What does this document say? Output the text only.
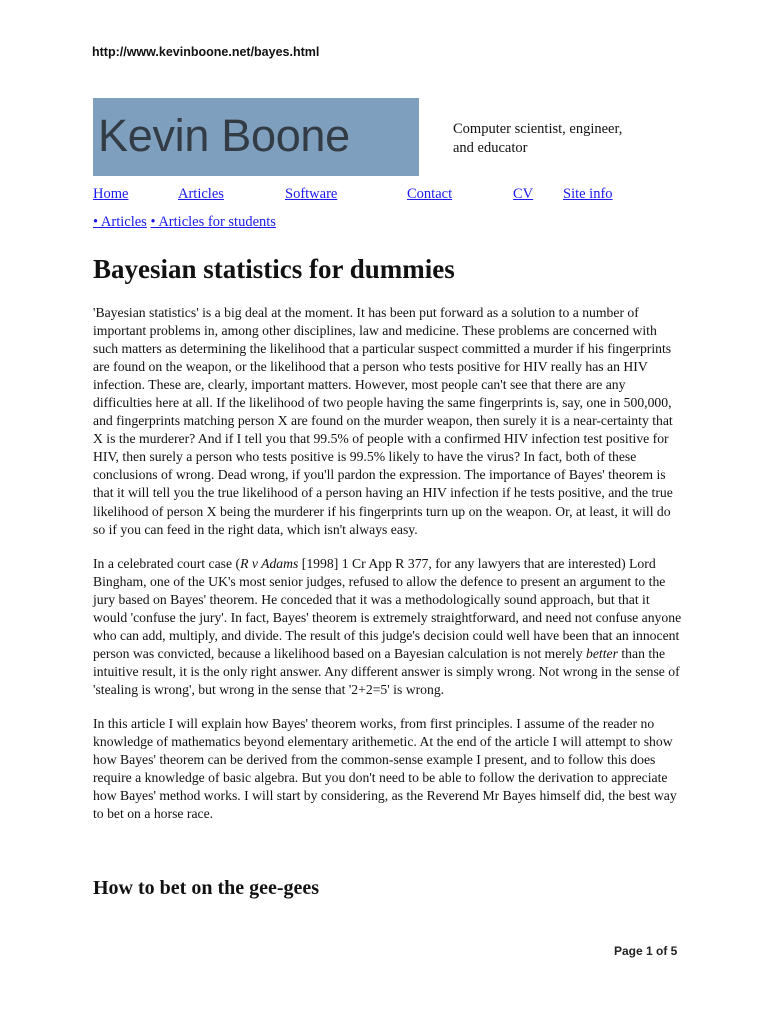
http://www.kevinboone.net/bayes.html
Kevin Boone	Computer scientist, engineer, and educator
Home	Articles	Software	Contact	CV Site info
• Articles • Articles for students
Bayesian statistics for dummies

'Bayesian statistics' is a big deal at the moment. It has been put forward as a solution to a number of important problems in, among other disciplines, law and medicine. These problems are concerned with such matters as determining the likelihood that a particular suspect committed a murder if his fingerprints are found on the weapon, or the likelihood that a person who tests positive for HIV really has an HIV infection. These are, clearly, important matters. However, most people can't see that there are any difficulties here at all. If the likelihood of two people having the same fingerprints is, say, one in 500,000, and fingerprints matching person X are found on the murder weapon, then surely it is a near-certainty that X is the murderer? And if I tell you that 99.5% of people with a confirmed HIV infection test positive for HIV, then surely a person who tests positive is 99.5% likely to have the virus? In fact, both of these conclusions of wrong. Dead wrong, if you'll pardon the expression. The importance of Bayes' theorem is that it will tell you the true likelihood of a person having an HIV infection if he tests positive, and the true likelihood of person X being the murderer if his fingerprints turn up on the weapon. Or, at least, it will do so if you can feed in the right data, which isn't always easy.

In a celebrated court case (R v Adams [1998] 1 Cr App R 377, for any lawyers that are interested) Lord Bingham, one of the UK's most senior judges, refused to allow the defence to present an argument to the jury based on Bayes' theorem. He conceded that it was a methodologically sound approach, but that it would 'confuse the jury'. In fact, Bayes' theorem is extremely straightforward, and need not confuse anyone who can add, multiply, and divide. The result of this judge's decision could well have been that an innocent person was convicted, because a likelihood based on a Bayesian calculation is not merely better than the intuitive result, it is the only right answer. Any different answer is simply wrong. Not wrong in the sense of 'stealing is wrong', but wrong in the sense that '2+2=5' is wrong.

In this article I will explain how Bayes' theorem works, from first principles. I assume of the reader no knowledge of mathematics beyond elementary arithemetic. At the end of the article I will attempt to show how Bayes' theorem can be derived from the common-sense example I present, and to follow this does require a knowledge of basic algebra. But you don't need to be able to follow the derivation to appreciate how Bayes' method works. I will start by considering, as the Reverend Mr Bayes himself did, the best way to bet on a horse race.

How to bet on the gee-gees
Page 1 of 5
